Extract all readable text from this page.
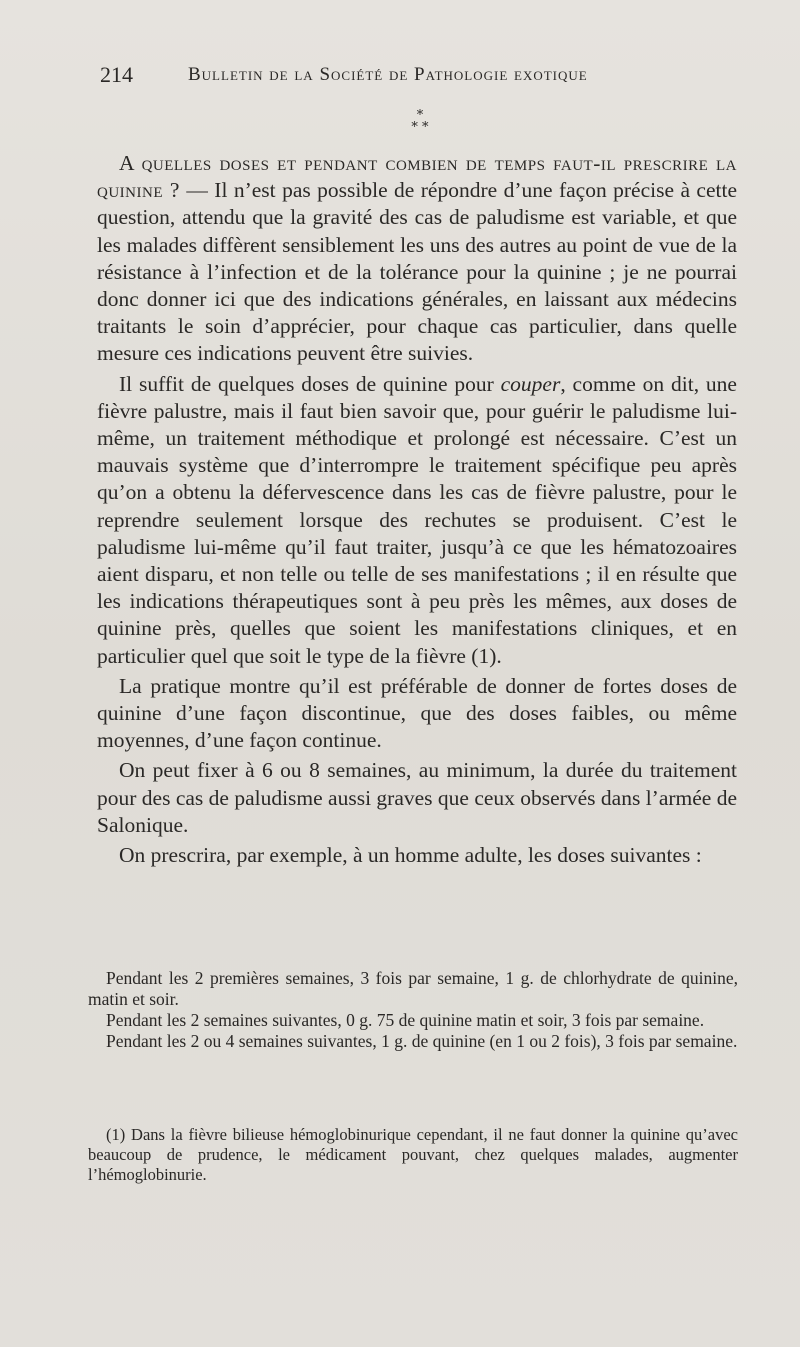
214	Bulletin de la Société de Pathologie exotique
*
* *

A quelles doses et pendant combien de temps faut-il prescrire la quinine ? — Il n’est pas possible de répondre d’une façon précise à cette question, attendu que la gravité des cas de paludisme est variable, et que les malades diffèrent sensiblement les uns des autres au point de vue de la résistance à l’infection et de la tolérance pour la quinine ; je ne pourrai donc donner ici que des indications générales, en laissant aux médecins traitants le soin d’apprécier, pour chaque cas particulier, dans quelle mesure ces indications peuvent être suivies.

Il suffit de quelques doses de quinine pour couper, comme on dit, une fièvre palustre, mais il faut bien savoir que, pour guérir le paludisme lui-même, un traitement méthodique et prolongé est nécessaire. C’est un mauvais système que d’interrompre le traitement spécifique peu après qu’on a obtenu la défervescence dans les cas de fièvre palustre, pour le reprendre seulement lorsque des rechutes se produisent. C’est le paludisme lui-même qu’il faut traiter, jusqu’à ce que les hématozoaires aient disparu, et non telle ou telle de ses manifestations ; il en résulte que les indications thérapeutiques sont à peu près les mêmes, aux doses de quinine près, quelles que soient les manifestations cliniques, et en particulier quel que soit le type de la fièvre (1).

La pratique montre qu’il est préférable de donner de fortes doses de quinine d’une façon discontinue, que des doses faibles, ou même moyennes, d’une façon continue.

On peut fixer à 6 ou 8 semaines, au minimum, la durée du traitement pour des cas de paludisme aussi graves que ceux observés dans l’armée de Salonique.

On prescrira, par exemple, à un homme adulte, les doses suivantes :

Pendant les 2 premières semaines, 3 fois par semaine, 1 g. de chlorhydrate de quinine, matin et soir.

Pendant les 2 semaines suivantes, 0 g. 75 de quinine matin et soir, 3 fois par semaine.

Pendant les 2 ou 4 semaines suivantes, 1 g. de quinine (en 1 ou 2 fois), 3 fois par semaine.

(1) Dans la fièvre bilieuse hémoglobinurique cependant, il ne faut donner la quinine qu’avec beaucoup de prudence, le médicament pouvant, chez quelques malades, augmenter l’hémoglobinurie.
